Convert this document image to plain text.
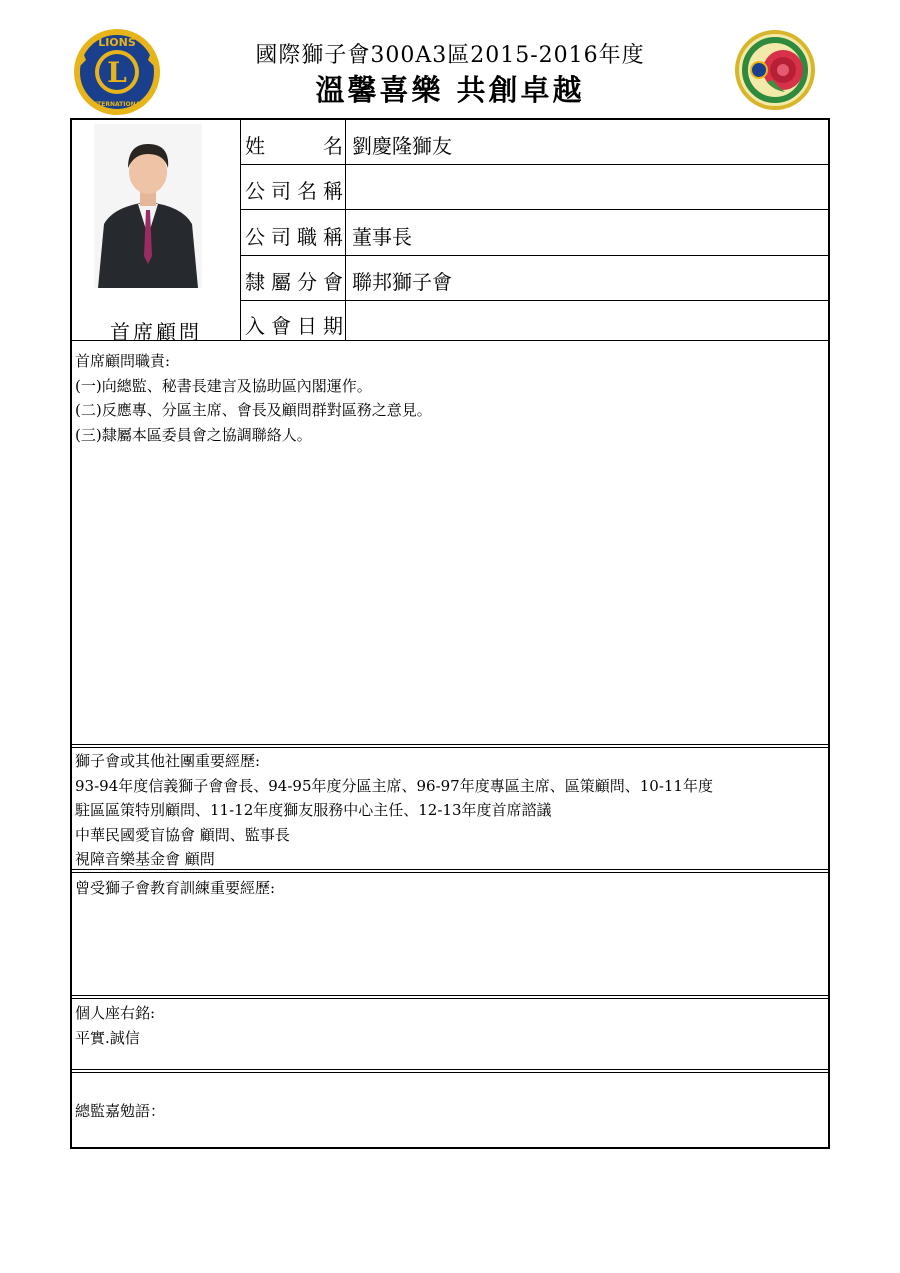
L
LIONS
INTERNATIONAL
國際獅子會300A3區2015-2016年度
溫馨喜樂 共創卓越
首席顧問
姓　　名
公司名稱
公司職稱
隸屬分會
入會日期
劉慶隆獅友
董事長
聯邦獅子會
首席顧問職責:
(一)向總監、秘書長建言及協助區內閣運作。
(二)反應專、分區主席、會長及顧問群對區務之意見。
(三)隸屬本區委員會之協調聯絡人。
獅子會或其他社團重要經歷:
93-94年度信義獅子會會長、94-95年度分區主席、96-97年度專區主席、區策顧問、10-11年度
駐區區策特別顧問、11-12年度獅友服務中心主任、12-13年度首席諮議
中華民國愛盲協會 顧問、監事長
視障音樂基金會 顧問
曾受獅子會教育訓練重要經歷:
個人座右銘:
平實.誠信
總監嘉勉語：
